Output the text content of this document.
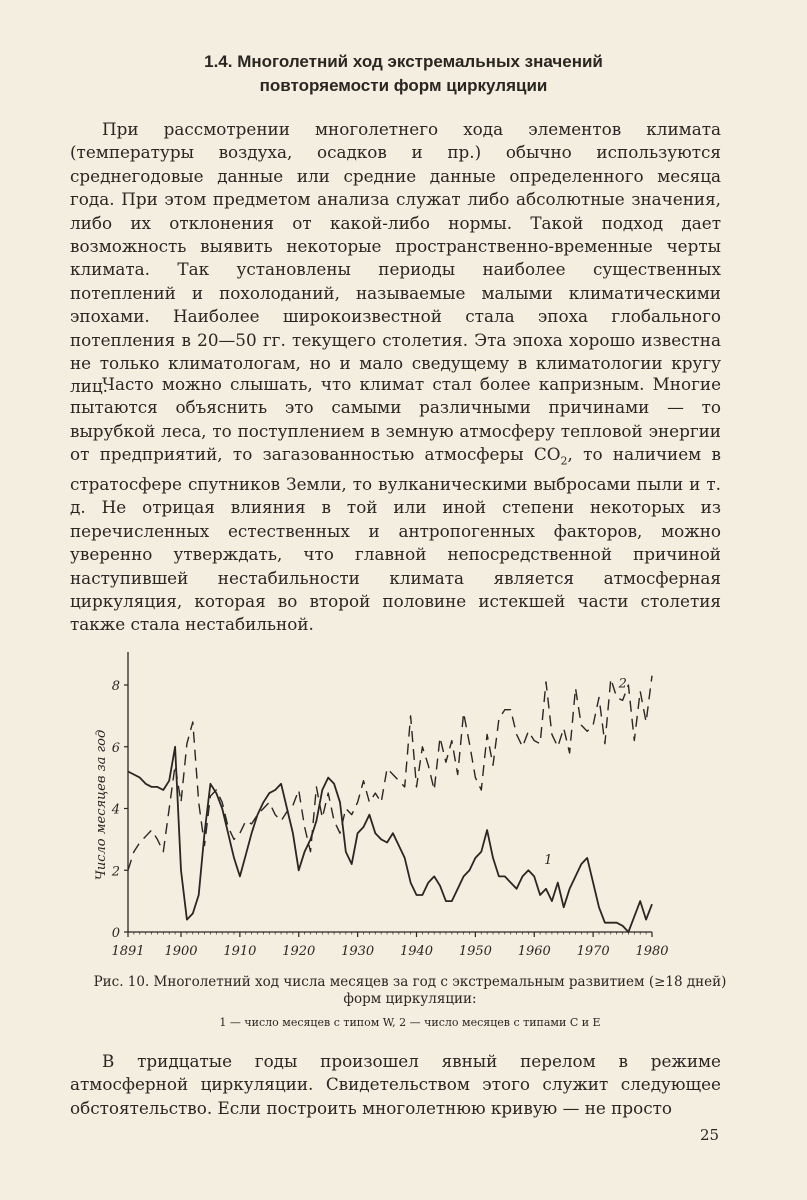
1.4. Многолетний ход экстремальных значений
повторяемости форм циркуляции

При рассмотрении многолетнего хода элементов климата (температуры воздуха, осадков и пр.) обычно используются среднегодовые данные или средние данные определенного месяца года. При этом предметом анализа служат либо абсолютные значения, либо их отклонения от какой-либо нормы. Такой подход дает возможность выявить некоторые пространственно-временные черты климата. Так установлены периоды наиболее существенных потеплений и похолоданий, называемые малыми климатическими эпохами. Наиболее широкоизвестной стала эпоха глобального потепления в 20—50 гг. текущего столетия. Эта эпоха хорошо известна не только климатологам, но и мало сведущему в климатологии кругу лиц.

Часто можно слышать, что климат стал более капризным. Многие пытаются объяснить это самыми различными причинами — то вырубкой леса, то поступлением в земную атмосферу тепловой энергии от предприятий, то загазованностью атмосферы $CO_2$, то наличием в стратосфере спутников Земли, то вулканическими выбросами пыли и т. д. Не отрицая влияния в той или иной степени некоторых из перечисленных естественных и антропогенных факторов, можно уверенно утверждать, что главной непосредственной причиной наступившей нестабильности климата является атмосферная циркуляция, которая во второй половине истекшей части столетия также стала нестабильной.

0
2
4
6
8
1891 1900 1910 1920 1930 1940 1950 1960 1970 1980
1
2
Число месяцев за год
Рис. 10. Многолетний ход числа месяцев за год с экстремальным развитием (≥18 дней) форм циркуляции:
1 — число месяцев с типом W, 2 — число месяцев с типами C и E

В тридцатые годы произошел явный перелом в режиме атмосферной циркуляции. Свидетельством этого служит следующее обстоятельство. Если построить многолетнюю кривую — не просто

25
